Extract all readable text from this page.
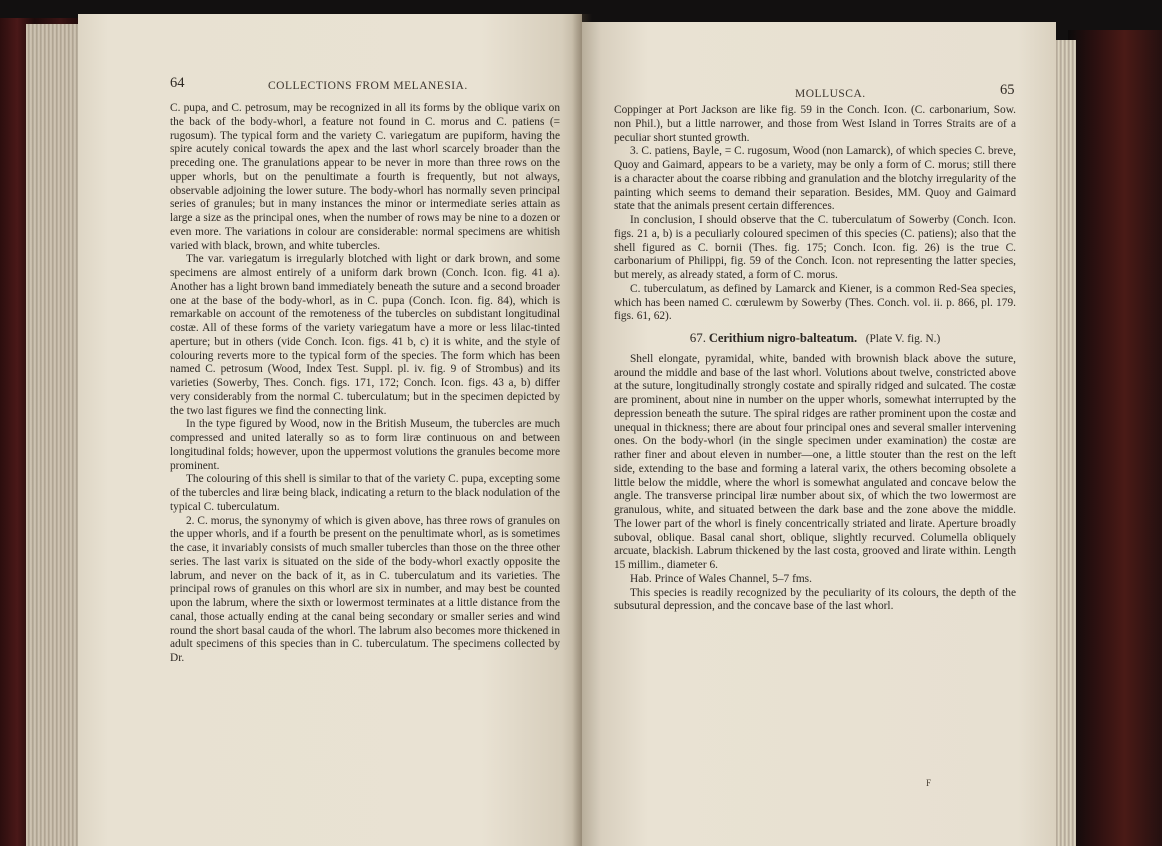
64	COLLECTIONS FROM MELANESIA.

C. pupa, and C. petrosum, may be recognized in all its forms by the oblique varix on the back of the body-whorl, a feature not found in C. morus and C. patiens (= rugosum). The typical form and the variety C. variegatum are pupiform, having the spire acutely conical towards the apex and the last whorl scarcely broader than the preceding one. The granulations appear to be never in more than three rows on the upper whorls, but on the penultimate a fourth is frequently, but not always, observable adjoining the lower suture. The body-whorl has normally seven principal series of granules; but in many instances the minor or intermediate series attain as large a size as the principal ones, when the number of rows may be nine to a dozen or even more. The variations in colour are considerable: normal specimens are whitish varied with black, brown, and white tubercles.

The var. variegatum is irregularly blotched with light or dark brown, and some specimens are almost entirely of a uniform dark brown (Conch. Icon. fig. 41 a). Another has a light brown band immediately beneath the suture and a second broader one at the base of the body-whorl, as in C. pupa (Conch. Icon. fig. 84), which is remarkable on account of the remoteness of the tubercles on subdistant longitudinal costæ. All of these forms of the variety variegatum have a more or less lilac-tinted aperture; but in others (vide Conch. Icon. figs. 41 b, c) it is white, and the style of colouring reverts more to the typical form of the species. The form which has been named C. petrosum (Wood, Index Test. Suppl. pl. iv. fig. 9 of Strombus) and its varieties (Sowerby, Thes. Conch. figs. 171, 172; Conch. Icon. figs. 43 a, b) differ very considerably from the normal C. tuberculatum; but in the specimen depicted by the two last figures we find the connecting link.

In the type figured by Wood, now in the British Museum, the tubercles are much compressed and united laterally so as to form liræ continuous on and between longitudinal folds; however, upon the uppermost volutions the granules become more prominent.

The colouring of this shell is similar to that of the variety C. pupa, excepting some of the tubercles and liræ being black, indicating a return to the black nodulation of the typical C. tuberculatum.

2. C. morus, the synonymy of which is given above, has three rows of granules on the upper whorls, and if a fourth be present on the penultimate whorl, as is sometimes the case, it invariably consists of much smaller tubercles than those on the three other series. The last varix is situated on the side of the body-whorl exactly opposite the labrum, and never on the back of it, as in C. tuberculatum and its varieties. The principal rows of granules on this whorl are six in number, and may best be counted upon the labrum, where the sixth or lowermost terminates at a little distance from the canal, those actually ending at the canal being secondary or smaller series and wind round the short basal cauda of the whorl. The labrum also becomes more thickened in adult specimens of this species than in C. tuberculatum. The specimens collected by Dr.

MOLLUSCA.	65

Coppinger at Port Jackson are like fig. 59 in the Conch. Icon. (C. carbonarium, Sow. non Phil.), but a little narrower, and those from West Island in Torres Straits are of a peculiar short stunted growth.

3. C. patiens, Bayle, = C. rugosum, Wood (non Lamarck), of which species C. breve, Quoy and Gaimard, appears to be a variety, may be only a form of C. morus; still there is a character about the coarse ribbing and granulation and the blotchy irregularity of the painting which seems to demand their separation. Besides, MM. Quoy and Gaimard state that the animals present certain differences.

In conclusion, I should observe that the C. tuberculatum of Sowerby (Conch. Icon. figs. 21 a, b) is a peculiarly coloured specimen of this species (C. patiens); also that the shell figured as C. bornii (Thes. fig. 175; Conch. Icon. fig. 26) is the true C. carbonarium of Philippi, fig. 59 of the Conch. Icon. not representing the latter species, but merely, as already stated, a form of C. morus.

C. tuberculatum, as defined by Lamarck and Kiener, is a common Red-Sea species, which has been named C. cœrulewm by Sowerby (Thes. Conch. vol. ii. p. 866, pl. 179. figs. 61, 62).

67. Cerithium nigro-balteatum. (Plate V. fig. N.)

Shell elongate, pyramidal, white, banded with brownish black above the suture, around the middle and base of the last whorl. Volutions about twelve, constricted above at the suture, longitudinally strongly costate and spirally ridged and sulcated. The costæ are prominent, about nine in number on the upper whorls, somewhat interrupted by the depression beneath the suture. The spiral ridges are rather prominent upon the costæ and unequal in thickness; there are about four principal ones and several smaller intervening ones. On the body-whorl (in the single specimen under examination) the costæ are rather finer and about eleven in number—one, a little stouter than the rest on the left side, extending to the base and forming a lateral varix, the others becoming obsolete a little below the middle, where the whorl is somewhat angulated and concave below the angle. The transverse principal liræ number about six, of which the two lowermost are granulous, white, and situated between the dark base and the zone above the middle. The lower part of the whorl is finely concentrically striated and lirate. Aperture broadly suboval, oblique. Basal canal short, oblique, slightly recurved. Columella obliquely arcuate, blackish. Labrum thickened by the last costa, grooved and lirate within. Length 15 millim., diameter 6.

Hab. Prince of Wales Channel, 5–7 fms.

This species is readily recognized by the peculiarity of its colours, the depth of the subsutural depression, and the concave base of the last whorl.

F
